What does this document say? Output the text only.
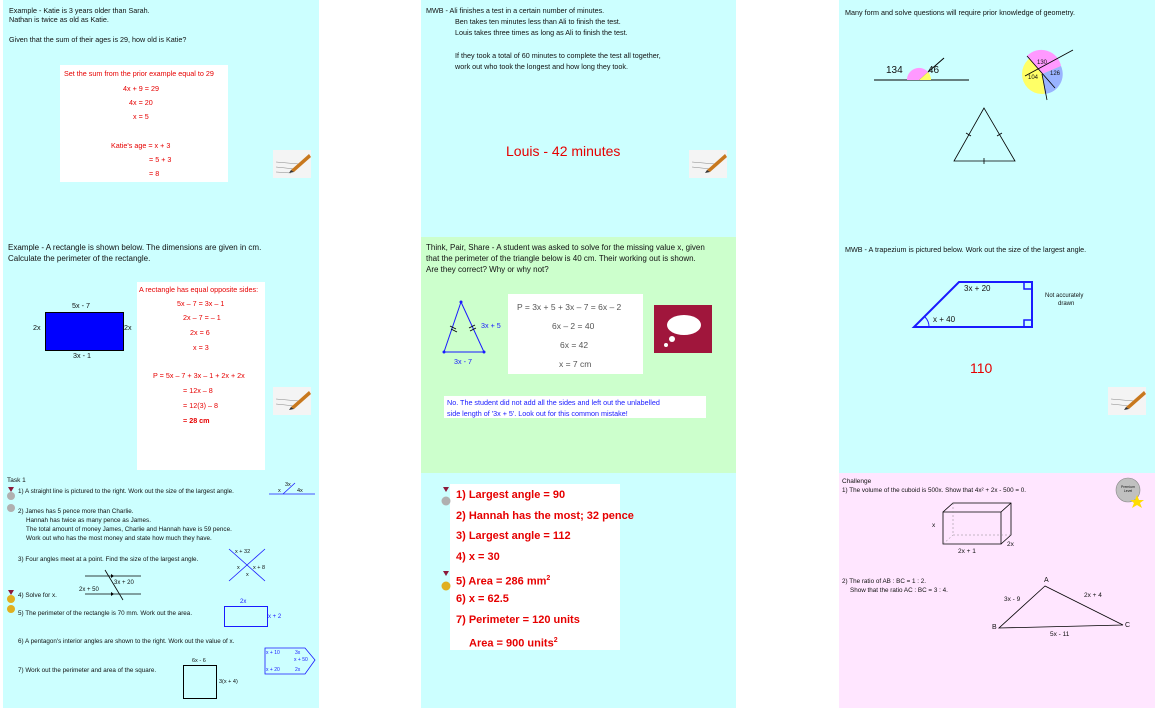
Example - Katie is 3 years older than Sarah.
Nathan is twice as old as Katie.
Given that the sum of their ages is 29, how old is Katie?
Set the sum from the prior example equal to 29
4x + 9 = 29
4x = 20
x = 5
Katie's age = x + 3
= 5 + 3
= 8
MWB - Ali finishes a test in a certain number of minutes.
Ben takes ten minutes less than Ali to finish the test.
Louis takes three times as long as Ali to finish the test.
If they took a total of 60 minutes to complete the test all together,
work out who took the longest and how long they took.
Louis - 42 minutes
Many form and solve questions will require prior knowledge of geometry.
134	46
130
104
126
Example - A rectangle is shown below. The dimensions are given in cm.
Calculate the perimeter of the rectangle.
5x - 7
2x	2x
3x - 1
A rectangle has equal opposite sides:
5x – 7 = 3x – 1
2x – 7 = – 1
2x = 6
x = 3
P = 5x – 7 + 3x – 1 + 2x + 2x
= 12x – 8
= 12(3) – 8
= 28 cm
Think, Pair, Share - A student was asked to solve for the missing value x, given
that the perimeter of the triangle below is 40 cm. Their working out is shown.
Are they correct? Why or why not?
3x + 5
3x - 7
P = 3x + 5 + 3x – 7 = 6x – 2
6x – 2 = 40
6x = 42
x = 7 cm
No. The student did not add all the sides and left out the unlabelled
side length of '3x + 5'. Look out for this common mistake!
MWB - A trapezium is pictured below. Work out the size of the largest angle.
3x + 20
x + 40
Not accurately
drawn
110
Task 1
1) A straight line is pictured to the right. Work out the size of the largest angle.
3x
4x
x
2) James has 5 pence more than Charlie.
Hannah has twice as many pence as James.
The total amount of money James, Charlie and Hannah have is 59 pence.
Work out who has the most money and state how much they have.
3) Four angles meet at a point. Find the size of the largest angle.
x + 32
x x + 8
x
3x + 20
2x + 50
4) Solve for x.
5) The perimeter of the rectangle is 70 mm. Work out the area.
2x
x + 2
6) A pentagon's interior angles are shown to the right. Work out the value of x.
x + 10	3x
x + 50
x + 20	2x
7) Work out the perimeter and area of the square.
6x - 6
3(x + 4)
1) Largest angle = 90
2) Hannah has the most; 32 pence
3) Largest angle = 112
4) x = 30
5) Area = 286 $mm^2$
6) x = 62.5
7) Perimeter = 120 units
Area = 900 units$^2$
Challenge
1) The volume of the cuboid is 500x. Show that 4x² + 2x - 500 = 0.	Premium Level
x
2x + 1
2x
2) The ratio of AB : BC = 1 : 2.
Show that the ratio AC : BC = 3 : 4.
A
B	C
3x - 9
2x + 4
5x - 11
